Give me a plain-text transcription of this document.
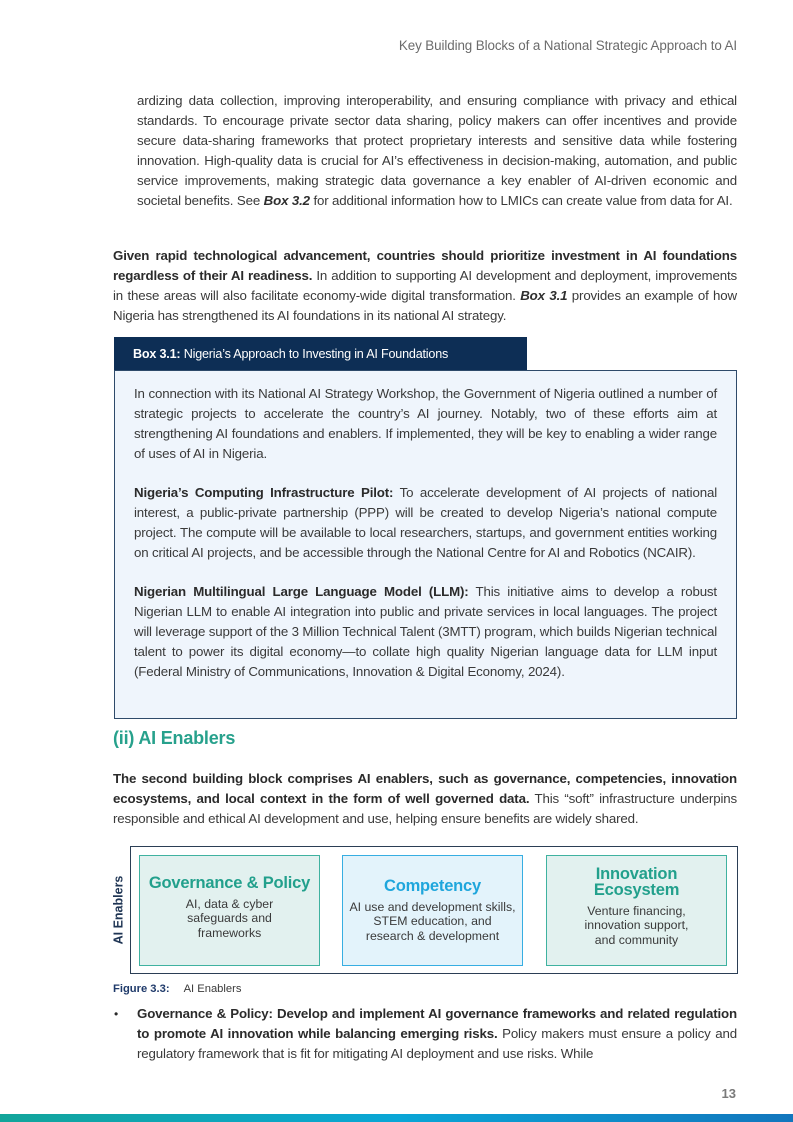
Key Building Blocks of a National Strategic Approach to AI

ardizing data collection, improving interoperability, and ensuring compliance with privacy and ethical standards. To encourage private sector data sharing, policy makers can offer incentives and provide secure data-sharing frameworks that protect proprietary interests and sensitive data while fostering innovation. High-quality data is crucial for AI’s effectiveness in decision-making, automation, and public service improvements, making strategic data governance a key enabler of AI-driven economic and societal benefits. See Box 3.2 for additional information how to LMICs can create value from data for AI.

Given rapid technological advancement, countries should prioritize investment in AI foundations regardless of their AI readiness. In addition to supporting AI development and deployment, improvements in these areas will also facilitate economy-wide digital transformation. Box 3.1 provides an example of how Nigeria has strengthened its AI foundations in its national AI strategy.

Box 3.1: Nigeria’s Approach to Investing in AI Foundations

In connection with its National AI Strategy Workshop, the Government of Nigeria outlined a number of strategic projects to accelerate the country’s AI journey. Notably, two of these efforts aim at strengthening AI foundations and enablers. If implemented, they will be key to enabling a wider range of uses of AI in Nigeria.

Nigeria’s Computing Infrastructure Pilot: To accelerate development of AI projects of national interest, a public-private partnership (PPP) will be created to develop Nigeria’s national compute project. The compute will be available to local researchers, startups, and government entities working on critical AI projects, and be accessible through the National Centre for AI and Robotics (NCAIR).

Nigerian Multilingual Large Language Model (LLM): This initiative aims to develop a robust Nigerian LLM to enable AI integration into public and private services in local languages. The project will leverage support of the 3 Million Technical Talent (3MTT) program, which builds Nigerian technical talent to power its digital economy—to collate high quality Nigerian language data for LLM input (Federal Ministry of Communications, Innovation & Digital Economy, 2024).

(ii) AI Enablers

The second building block comprises AI enablers, such as governance, competencies, innovation ecosystems, and local context in the form of well governed data. This “soft” infrastructure underpins responsible and ethical AI development and use, helping ensure benefits are widely shared.

AI Enablers Governance & Policy
AI, data & cyber safeguards and frameworks
Competency
AI use and development skills, STEM education, and research & development
Innovation Ecosystem
Venture financing, innovation support, and community
Figure 3.3: AI Enablers
• Governance & Policy: Develop and implement AI governance frameworks and related regulation to promote AI innovation while balancing emerging risks. Policy makers must ensure a policy and regulatory framework that is fit for mitigating AI deployment and use risks. While
13
